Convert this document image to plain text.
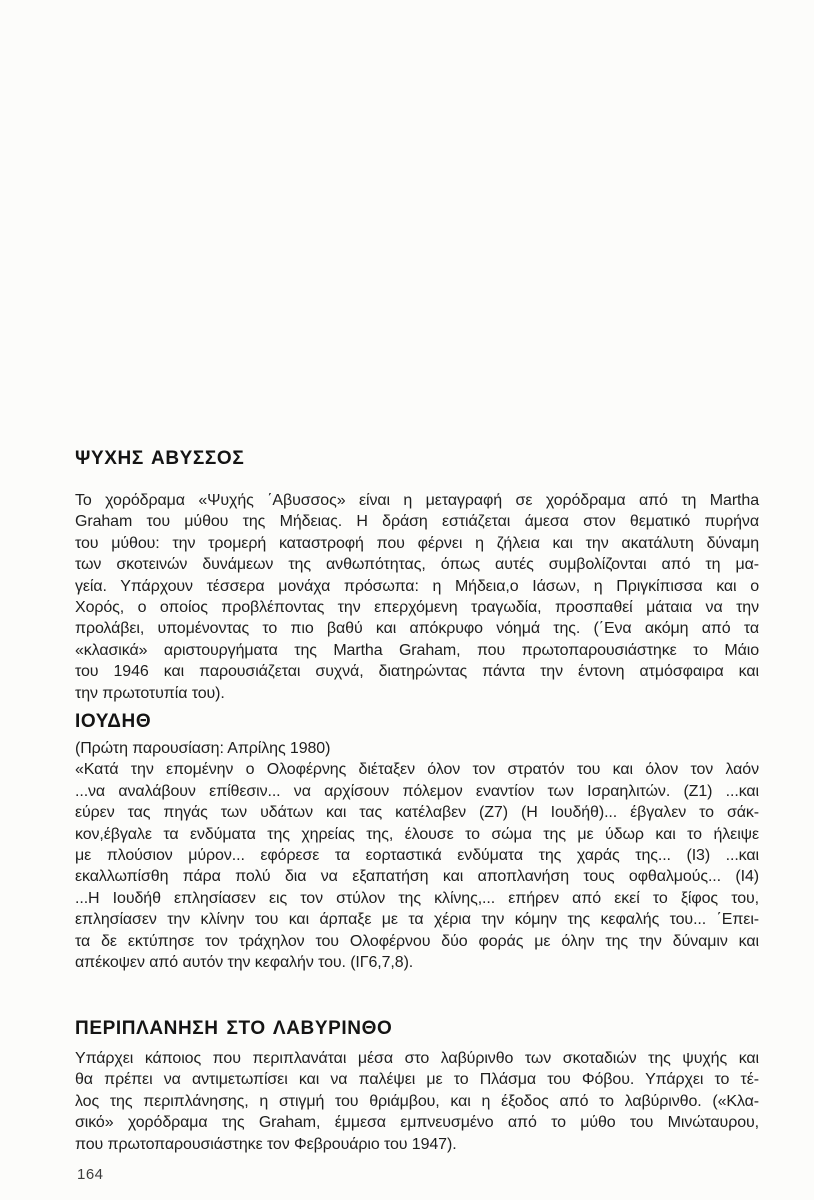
ΨΥΧΗΣ ΑΒΥΣΣΟΣ
Το χορόδραμα «Ψυχής ΄Αβυσσος» είναι η μεταγραφή σε χορόδραμα από τη Martha
Graham του μύθου της Μήδειας. Η δράση εστιάζεται άμεσα στον θεματικό πυρήνα
του μύθου: την τρομερή καταστροφή που φέρνει η ζήλεια και την ακατάλυτη δύναμη
των σκοτεινών δυνάμεων της ανθωπότητας, όπως αυτές συμβολίζονται από τη μα-
γεία. Υπάρχουν τέσσερα μονάχα πρόσωπα: η Μήδεια,ο Ιάσων, η Πριγκίπισσα και ο
Χορός, ο οποίος προβλέποντας την επερχόμενη τραγωδία, προσπαθεί μάταια να την
προλάβει, υπομένοντας το πιο βαθύ και απόκρυφο νόημά της. (΄Ενα ακόμη από τα
«κλασικά» αριστουργήματα της Martha Graham, που πρωτοπαρουσιάστηκε το Μάιο
του 1946 και παρουσιάζεται συχνά, διατηρώντας πάντα την έντονη ατμόσφαιρα και
την πρωτοτυπία του).
ΙΟΥΔΗΘ
(Πρώτη παρουσίαση: Απρίλης 1980)
«Κατά την επομένην ο Ολοφέρνης διέταξεν όλον τον στρατόν του και όλον τον λαόν
...να αναλάβουν επίθεσιν... να αρχίσουν πόλεμον εναντίον των Ισραηλιτών. (Ζ1) ...και
εύρεν τας πηγάς των υδάτων και τας κατέλαβεν (Ζ7) (Η Ιουδήθ)... έβγαλεν το σάκ-
κον,έβγαλε τα ενδύματα της χηρείας της, έλουσε το σώμα της με ύδωρ και το ήλειψε
με πλούσιον μύρον... εφόρεσε τα εορταστικά ενδύματα της χαράς της... (Ι3) ...και
εκαλλωπίσθη πάρα πολύ δια να εξαπατήση και αποπλανήση τους οφθαλμούς... (Ι4)
...Η Ιουδήθ επλησίασεν εις τον στύλον της κλίνης,... επήρεν από εκεί το ξίφος του,
επλησίασεν την κλίνην του και άρπαξε με τα χέρια την κόμην της κεφαλής του... ΄Επει-
τα δε εκτύπησε τον τράχηλον του Ολοφέρνου δύο φοράς με όλην της την δύναμιν και
απέκοψεν από αυτόν την κεφαλήν του. (ΙΓ6,7,8).
ΠΕΡΙΠΛΑΝΗΣΗ ΣΤΟ ΛΑΒΥΡΙΝΘΟ
Υπάρχει κάποιος που περιπλανάται μέσα στο λαβύρινθο των σκοταδιών της ψυχής και
θα πρέπει να αντιμετωπίσει και να παλέψει με το Πλάσμα του Φόβου. Υπάρχει το τέ-
λος της περιπλάνησης, η στιγμή του θριάμβου, και η έξοδος από το λαβύρινθο. («Κλα-
σικό» χορόδραμα της Graham, έμμεσα εμπνευσμένο από το μύθο του Μινώταυρου,
που πρωτοπαρουσιάστηκε τον Φεβρουάριο του 1947).
164
